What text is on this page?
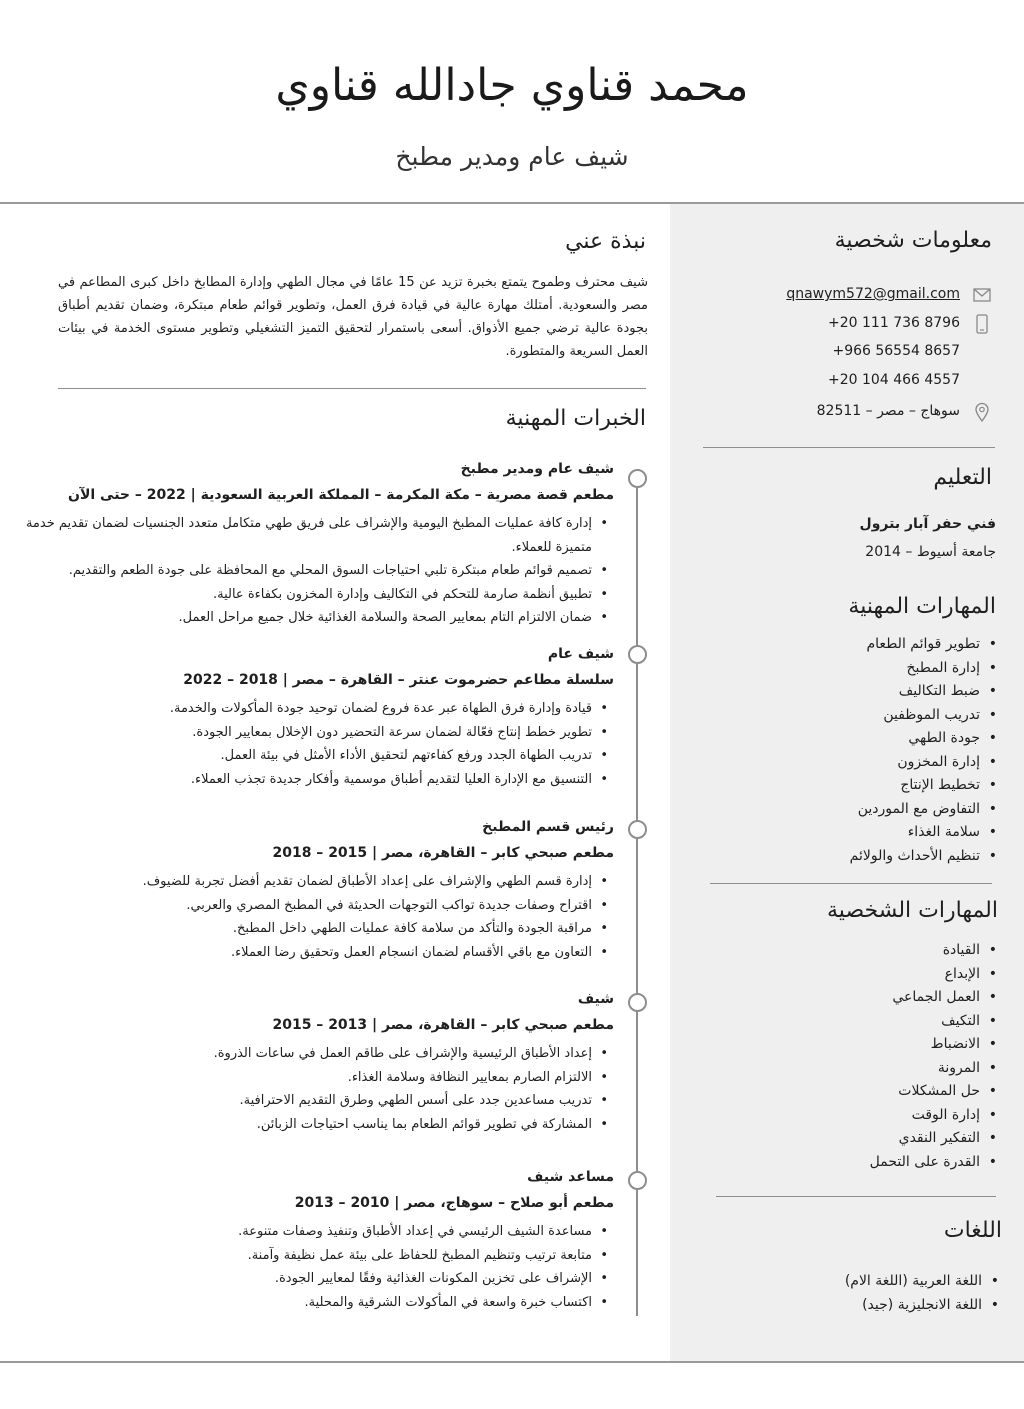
محمد قناوي جادالله قناوي
شيف عام ومدير مطبخ
معلومات شخصية
qnawym572@gmail.com
+20 111 736 8796
+966 56554 8657
+20 104 466 4557
سوهاج – مصر – 82511
التعليم
فني حفر آبار بترول
جامعة أسيوط – 2014
المهارات المهنية
• تطوير قوائم الطعام
• إدارة المطبخ
• ضبط التكاليف
• تدريب الموظفين
• جودة الطهي
• إدارة المخزون
• تخطيط الإنتاج
• التفاوض مع الموردين
• سلامة الغذاء
• تنظيم الأحداث والولائم
المهارات الشخصية
• القيادة
• الإبداع
• العمل الجماعي
• التكيف
• الانضباط
• المرونة
• حل المشكلات
• إدارة الوقت
• التفكير النقدي
• القدرة على التحمل
اللغات
• اللغة العربية (اللغة الام)
• اللغة الانجليزية (جيد)
نبذة عني
شيف محترف وطموح يتمتع بخبرة تزيد عن 15 عامًا في مجال الطهي وإدارة المطابخ داخل كبرى المطاعم في مصر والسعودية. أمتلك مهارة عالية في قيادة فرق العمل، وتطوير قوائم طعام مبتكرة، وضمان تقديم أطباق بجودة عالية ترضي جميع الأذواق. أسعى باستمرار لتحقيق التميز التشغيلي وتطوير مستوى الخدمة في بيئات العمل السريعة والمتطورة.
الخبرات المهنية
شيف عام ومدير مطبخ
مطعم قصة مصرية – مكة المكرمة – المملكة العربية السعودية | 2022 – حتى الآن
• إدارة كافة عمليات المطبخ اليومية والإشراف على فريق طهي متكامل متعدد الجنسيات لضمان تقديم خدمة متميزة للعملاء.
• تصميم قوائم طعام مبتكرة تلبي احتياجات السوق المحلي مع المحافظة على جودة الطعم والتقديم.
• تطبيق أنظمة صارمة للتحكم في التكاليف وإدارة المخزون بكفاءة عالية.
• ضمان الالتزام التام بمعايير الصحة والسلامة الغذائية خلال جميع مراحل العمل.
شيف عام
سلسلة مطاعم حضرموت عنتر – القاهرة – مصر | 2018 – 2022
• قيادة وإدارة فرق الطهاة عبر عدة فروع لضمان توحيد جودة المأكولات والخدمة.
• تطوير خطط إنتاج فعّالة لضمان سرعة التحضير دون الإخلال بمعايير الجودة.
• تدريب الطهاة الجدد ورفع كفاءتهم لتحقيق الأداء الأمثل في بيئة العمل.
• التنسيق مع الإدارة العليا لتقديم أطباق موسمية وأفكار جديدة تجذب العملاء.
رئيس قسم المطبخ
مطعم صبحي كابر – القاهرة، مصر | 2015 – 2018
• إدارة قسم الطهي والإشراف على إعداد الأطباق لضمان تقديم أفضل تجربة للضيوف.
• اقتراح وصفات جديدة تواكب التوجهات الحديثة في المطبخ المصري والعربي.
• مراقبة الجودة والتأكد من سلامة كافة عمليات الطهي داخل المطبخ.
• التعاون مع باقي الأقسام لضمان انسجام العمل وتحقيق رضا العملاء.
شيف
مطعم صبحي كابر – القاهرة، مصر | 2013 – 2015
• إعداد الأطباق الرئيسية والإشراف على طاقم العمل في ساعات الذروة.
• الالتزام الصارم بمعايير النظافة وسلامة الغذاء.
• تدريب مساعدين جدد على أسس الطهي وطرق التقديم الاحترافية.
• المشاركة في تطوير قوائم الطعام بما يناسب احتياجات الزبائن.
مساعد شيف
مطعم أبو صلاح – سوهاج، مصر | 2010 – 2013
• مساعدة الشيف الرئيسي في إعداد الأطباق وتنفيذ وصفات متنوعة.
• متابعة ترتيب وتنظيم المطبخ للحفاظ على بيئة عمل نظيفة وآمنة.
• الإشراف على تخزين المكونات الغذائية وفقًا لمعايير الجودة.
• اكتساب خبرة واسعة في المأكولات الشرقية والمحلية.
